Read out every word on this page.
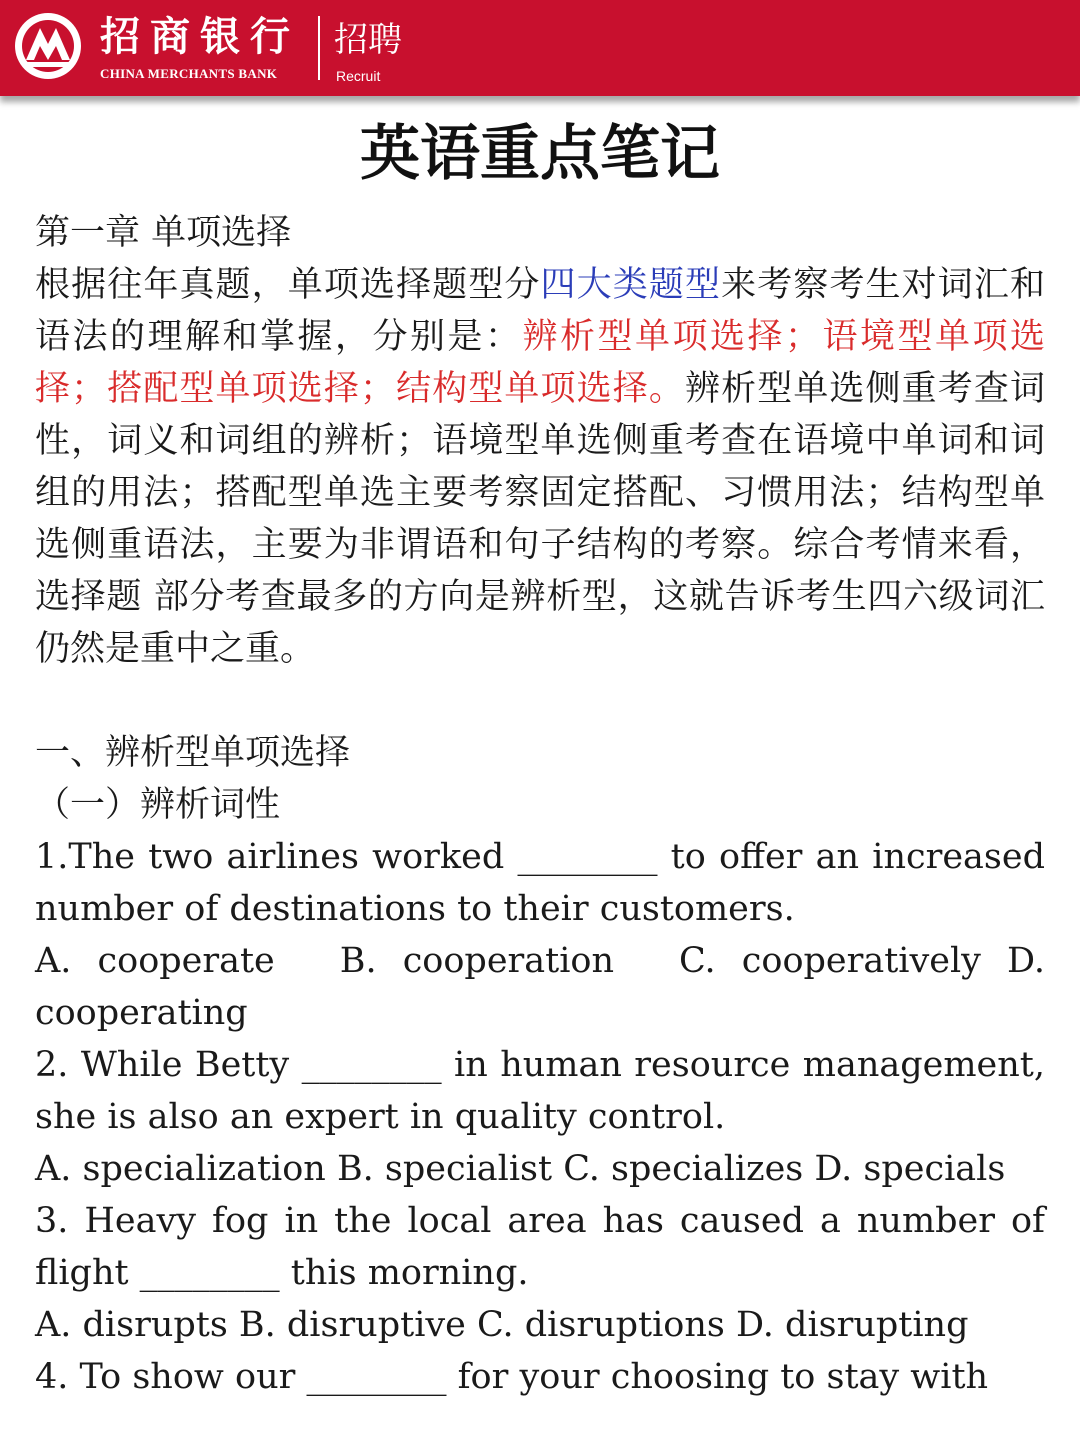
招商银行
CHINA MERCHANTS BANK
招聘
Recruit
英语重点笔记

第一章 单项选择

根据往年真题，单项选择题型分四大类题型来考察考生对词汇和语法的理解和掌握，分别是：辨析型单项选择；语境型单项选择；搭配型单项选择；结构型单项选择。辨析型单选侧重考查词性，词义和词组的辨析；语境型单选侧重考查在语境中单词和词组的用法；搭配型单选主要考察固定搭配、习惯用法；结构型单选侧重语法，主要为非谓语和句子结构的考察。综合考情来看，选择题 部分考查最多的方向是辨析型，这就告诉考生四六级词汇仍然是重中之重。

一、辨析型单项选择

（一）辨析词性

1.The two airlines worked ________ to offer an increased number of destinations to their customers.

A. cooperate　B. cooperation　C. cooperatively D. cooperating

2. While Betty ________ in human resource management, she is also an expert in quality control.

A. specialization B. specialist C. specializes D. specials

3. Heavy fog in the local area has caused a number of flight ________ this morning.

A. disrupts B. disruptive C. disruptions D. disrupting

4. To show our ________ for your choosing to stay with
